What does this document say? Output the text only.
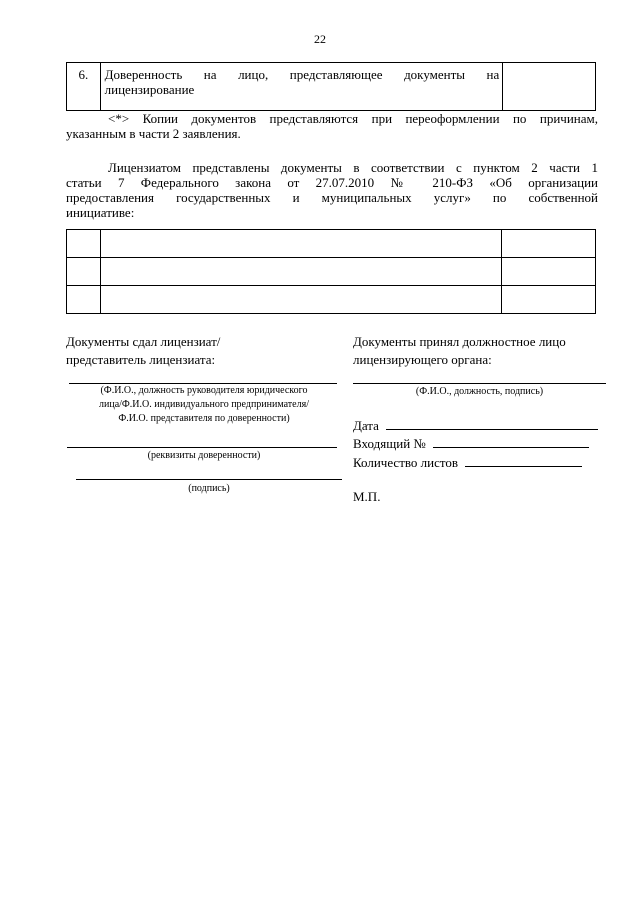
22
6.	Доверенность на лицо, представляющее документы на
лицензирование	
<*> Копии документов представляются при переоформлении по причинам,
указанным в части 2 заявления.
Лицензиатом представлены документы в соответствии с пунктом 2 части 1
статьи 7 Федерального закона от 27.07.2010 № 210-ФЗ «Об организации
предоставления государственных и муниципальных услуг» по собственной
инициативе:

Документы сдал лицензиат/
представитель лицензиата:
(Ф.И.О., должность руководителя юридического
лица/Ф.И.О. индивидуального предпринимателя/
Ф.И.О. представителя по доверенности)
(реквизиты доверенности)
(подпись)
Документы принял должностное лицо
лицензирующего органа:
(Ф.И.О., должность, подпись)
Дата
Входящий №
Количество листов
М.П.
